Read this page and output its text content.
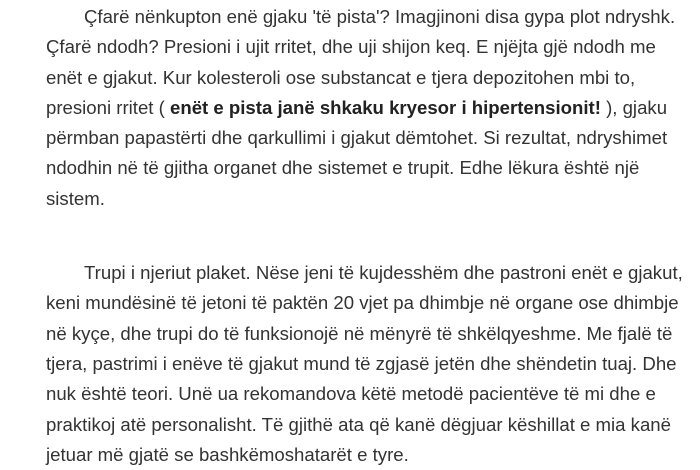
Çfarë nënkupton enë gjaku 'të pista'? Imagjinoni disa gypa plot ndryshk. Çfarë ndodh? Presioni i ujit rritet, dhe uji shijon keq. E njëjta gjë ndodh me enët e gjakut. Kur kolesteroli ose substancat e tjera depozitohen mbi to, presioni rritet ( enët e pista janë shkaku kryesor i hipertensionit! ), gjaku përmban papastërti dhe qarkullimi i gjakut dëmtohet. Si rezultat, ndryshimet ndodhin në të gjitha organet dhe sistemet e trupit. Edhe lëkura është një sistem.

Trupi i njeriut plaket. Nëse jeni të kujdesshëm dhe pastroni enët e gjakut, keni mundësinë të jetoni të paktën 20 vjet pa dhimbje në organe ose dhimbje në kyçe, dhe trupi do të funksionojë në mënyrë të shkëlqyeshme. Me fjalë të tjera, pastrimi i enëve të gjakut mund të zgjasë jetën dhe shëndetin tuaj. Dhe nuk është teori. Unë ua rekomandova këtë metodë pacientëve të mi dhe e praktikoj atë personalisht. Të gjithë ata që kanë dëgjuar këshillat e mia kanë jetuar më gjatë se bashkëmoshatarët e tyre.
